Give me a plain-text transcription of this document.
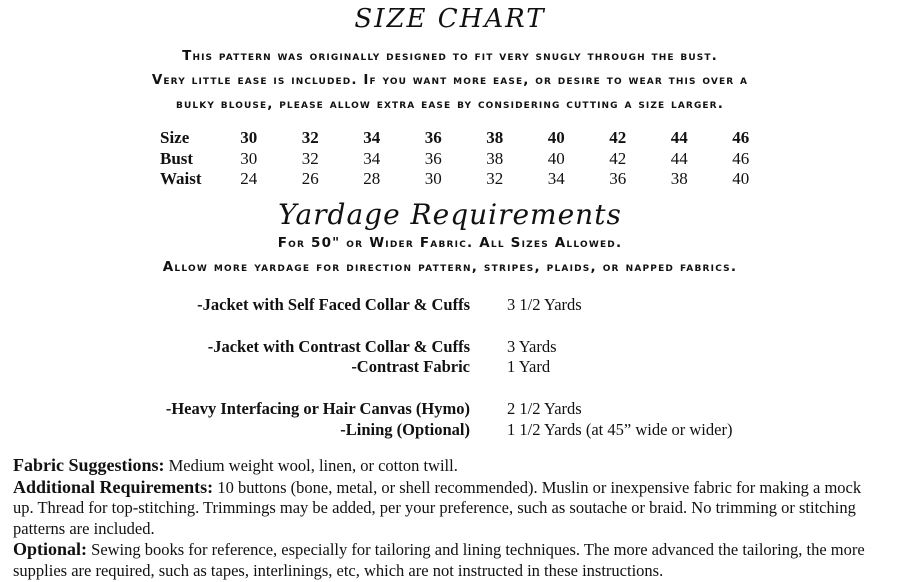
SIZE CHART
This pattern was originally designed to fit very snugly through the bust.
Very little ease is included. If you want more ease, or desire to wear this over a
bulky blouse, please allow extra ease by considering cutting a size larger.
Size	30	32	34	36	38	40	42	44	46
Bust	30	32	34	36	38	40	42	44	46
Waist	24	26	28	30	32	34	36	38	40
Yardage Requirements
For 50" or Wider Fabric. All Sizes Allowed.
Allow more yardage for direction pattern, stripes, plaids, or napped fabrics.
-Jacket with Self Faced Collar & Cuffs 3 1/2 Yards
-Jacket with Contrast Collar & Cuffs 3 Yards
-Contrast Fabric 1 Yard
-Heavy Interfacing or Hair Canvas (Hymo) 2 1/2 Yards
-Lining (Optional) 1 1/2 Yards (at 45” wide or wider)

Fabric Suggestions: Medium weight wool, linen, or cotton twill.

Additional Requirements: 10 buttons (bone, metal, or shell recommended). Muslin or inexpensive fabric for making a mock up. Thread for top-stitching. Trimmings may be added, per your preference, such as soutache or braid. No trimming or stitching patterns are included.

Optional: Sewing books for reference, especially for tailoring and lining techniques. The more advanced the tailoring, the more supplies are required, such as tapes, interlinings, etc, which are not instructed in these instructions.
